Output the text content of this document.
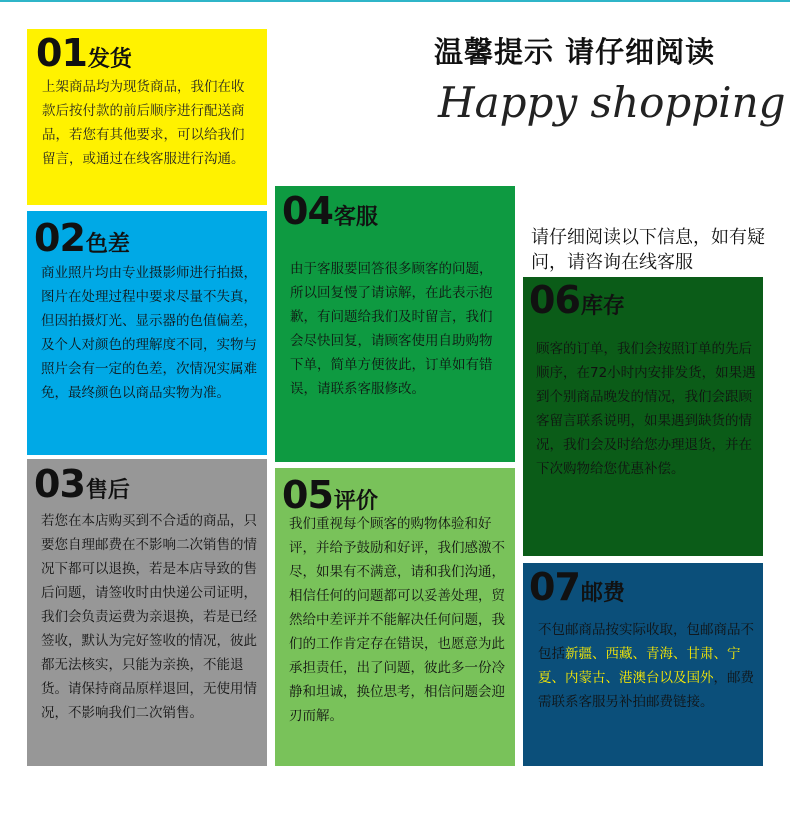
温馨提示 请仔细阅读
Happy shopping
请仔细阅读以下信息，如有疑问，请咨询在线客服
01发货
上架商品均为现货商品，我们在收款后按付款的前后顺序进行配送商品，若您有其他要求，可以给我们留言，或通过在线客服进行沟通。
02色差
商业照片均由专业摄影师进行拍摄，图片在处理过程中要求尽量不失真，但因拍摄灯光、显示器的色值偏差，及个人对颜色的理解度不同，实物与照片会有一定的色差，次情况实属难免，最终颜色以商品实物为准。
03售后
若您在本店购买到不合适的商品，只要您自理邮费在不影响二次销售的情况下都可以退换，若是本店导致的售后问题，请签收时由快递公司证明，我们会负责运费为亲退换，若是已经签收，默认为完好签收的情况，彼此都无法核实，只能为亲换，不能退货。请保持商品原样退回，无使用情况，不影响我们二次销售。
04客服
由于客服要回答很多顾客的问题，所以回复慢了请谅解，在此表示抱歉，有问题给我们及时留言，我们会尽快回复，请顾客使用自助购物下单，简单方便彼此，订单如有错误，请联系客服修改。
05评价
我们重视每个顾客的购物体验和好评，并给予鼓励和好评，我们感激不尽，如果有不满意，请和我们沟通，相信任何的问题都可以妥善处理，贸然给中差评并不能解决任何问题，我们的工作肯定存在错误，也愿意为此承担责任，出了问题，彼此多一份冷静和坦诚，换位思考，相信问题会迎刃而解。
06库存
顾客的订单，我们会按照订单的先后顺序，在72小时内安排发货，如果遇到个别商品晚发的情况，我们会跟顾客留言联系说明，如果遇到缺货的情况，我们会及时给您办理退货，并在下次购物给您优惠补偿。
07邮费
不包邮商品按实际收取，包邮商品不包括新疆、西藏、青海、甘肃、宁夏、内蒙古、港澳台以及国外，邮费需联系客服另补拍邮费链接。
